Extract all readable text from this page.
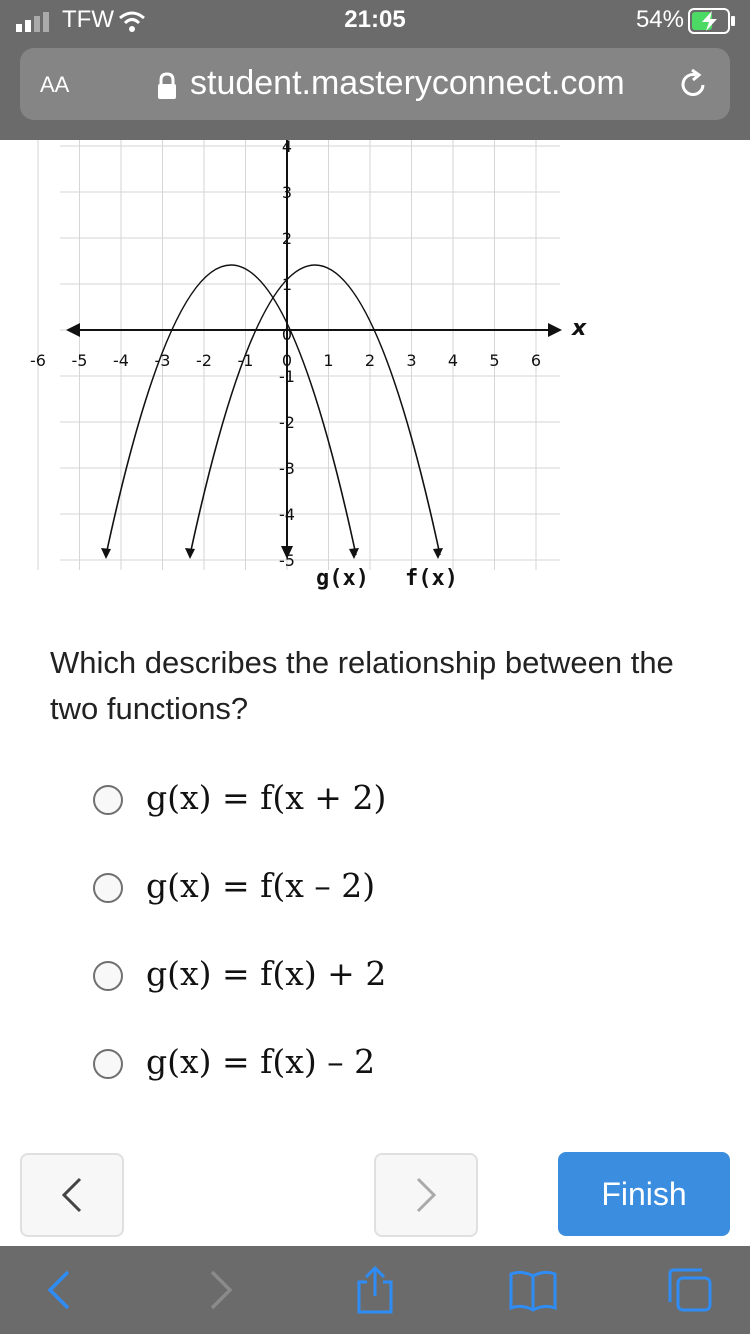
TFW	21:05	54%
AA	student.masteryconnect.com
x
-6 -5 -4 -3 -2 -1 0 1 2 3 4 5 6
4
3
2
1
0
-1
-2
-3
-4
-5
g(x) f(x)
Which describes the relationship between the two functions?
g(x) = f(x + 2)
g(x) = f(x – 2)
g(x) = f(x) + 2
g(x) = f(x) – 2
Finish
